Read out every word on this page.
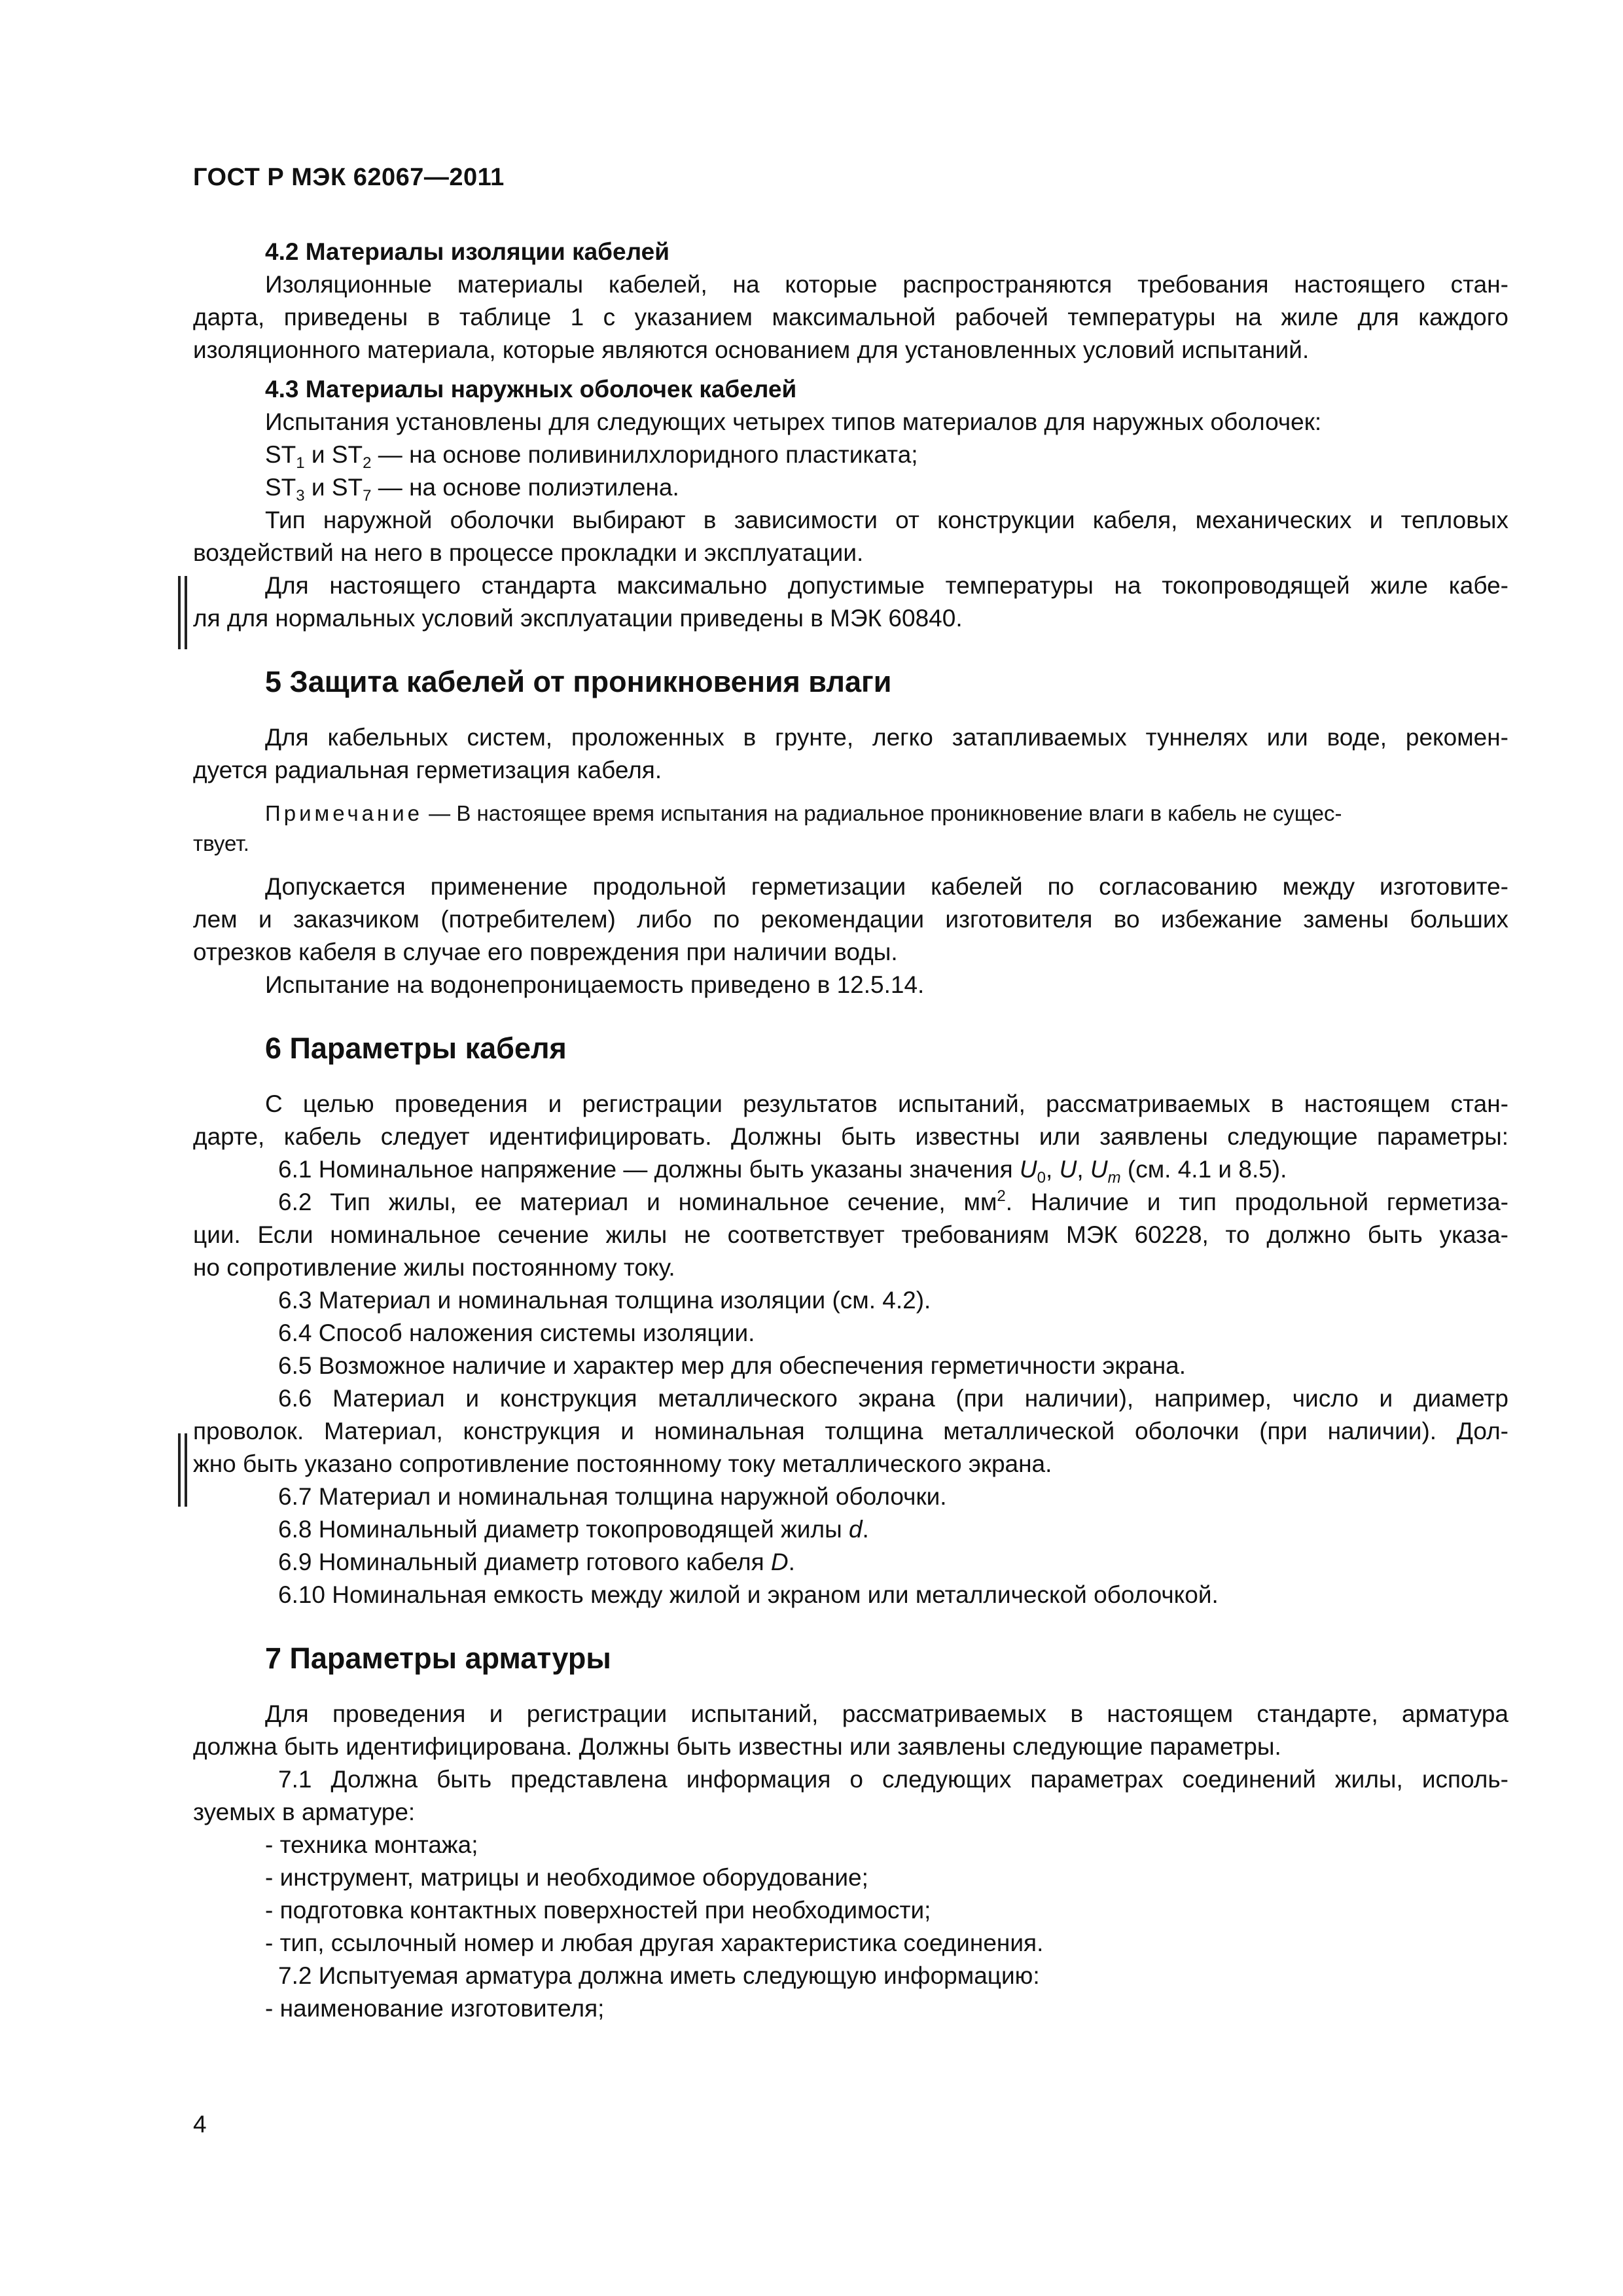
ГОСТ Р МЭК 62067—2011
4.2 Материалы изоляции кабелей
Изоляционные материалы кабелей, на которые распространяются требования настоящего стан-
дарта, приведены в таблице 1 с указанием максимальной рабочей температуры на жиле для каждого
изоляционного материала, которые являются основанием для установленных условий испытаний.
4.3 Материалы наружных оболочек кабелей
Испытания установлены для следующих четырех типов материалов для наружных оболочек:
$ST_1$ и $ST_2$ — на основе поливинилхлоридного пластиката;
$ST_3$ и $ST_7$ — на основе полиэтилена.
Тип наружной оболочки выбирают в зависимости от конструкции кабеля, механических и тепловых
воздействий на него в процессе прокладки и эксплуатации.
Для настоящего стандарта максимально допустимые температуры на токопроводящей жиле кабе-
ля для нормальных условий эксплуатации приведены в МЭК 60840.
5 Защита кабелей от проникновения влаги
Для кабельных систем, проложенных в грунте, легко затапливаемых туннелях или воде, рекомен-
дуется радиальная герметизация кабеля.
Примечание — В настоящее время испытания на радиальное проникновение влаги в кабель не сущес-
твует.
Допускается применение продольной герметизации кабелей по согласованию между изготовите-
лем и заказчиком (потребителем) либо по рекомендации изготовителя во избежание замены больших
отрезков кабеля в случае его повреждения при наличии воды.
Испытание на водонепроницаемость приведено в 12.5.14.
6 Параметры кабеля
С целью проведения и регистрации результатов испытаний, рассматриваемых в настоящем стан-
дарте, кабель следует идентифицировать. Должны быть известны или заявлены следующие параметры:
6.1 Номинальное напряжение — должны быть указаны значения $U_0$, U, $U_m$ (см. 4.1 и 8.5).
6.2 Тип жилы, ее материал и номинальное сечение, $мм^2$. Наличие и тип продольной герметиза-
ции. Если номинальное сечение жилы не соответствует требованиям МЭК 60228, то должно быть указа-
но сопротивление жилы постоянному току.
6.3 Материал и номинальная толщина изоляции (см. 4.2).
6.4 Способ наложения системы изоляции.
6.5 Возможное наличие и характер мер для обеспечения герметичности экрана.
6.6 Материал и конструкция металлического экрана (при наличии), например, число и диаметр
проволок. Материал, конструкция и номинальная толщина металлической оболочки (при наличии). Дол-
жно быть указано сопротивление постоянному току металлического экрана.
6.7 Материал и номинальная толщина наружной оболочки.
6.8 Номинальный диаметр токопроводящей жилы d.
6.9 Номинальный диаметр готового кабеля D.
6.10 Номинальная емкость между жилой и экраном или металлической оболочкой.
7 Параметры арматуры
Для проведения и регистрации испытаний, рассматриваемых в настоящем стандарте, арматура
должна быть идентифицирована. Должны быть известны или заявлены следующие параметры.
7.1 Должна быть представлена информация о следующих параметрах соединений жилы, исполь-
зуемых в арматуре:
- техника монтажа;
- инструмент, матрицы и необходимое оборудование;
- подготовка контактных поверхностей при необходимости;
- тип, ссылочный номер и любая другая характеристика соединения.
7.2 Испытуемая арматура должна иметь следующую информацию:
- наименование изготовителя;
4
